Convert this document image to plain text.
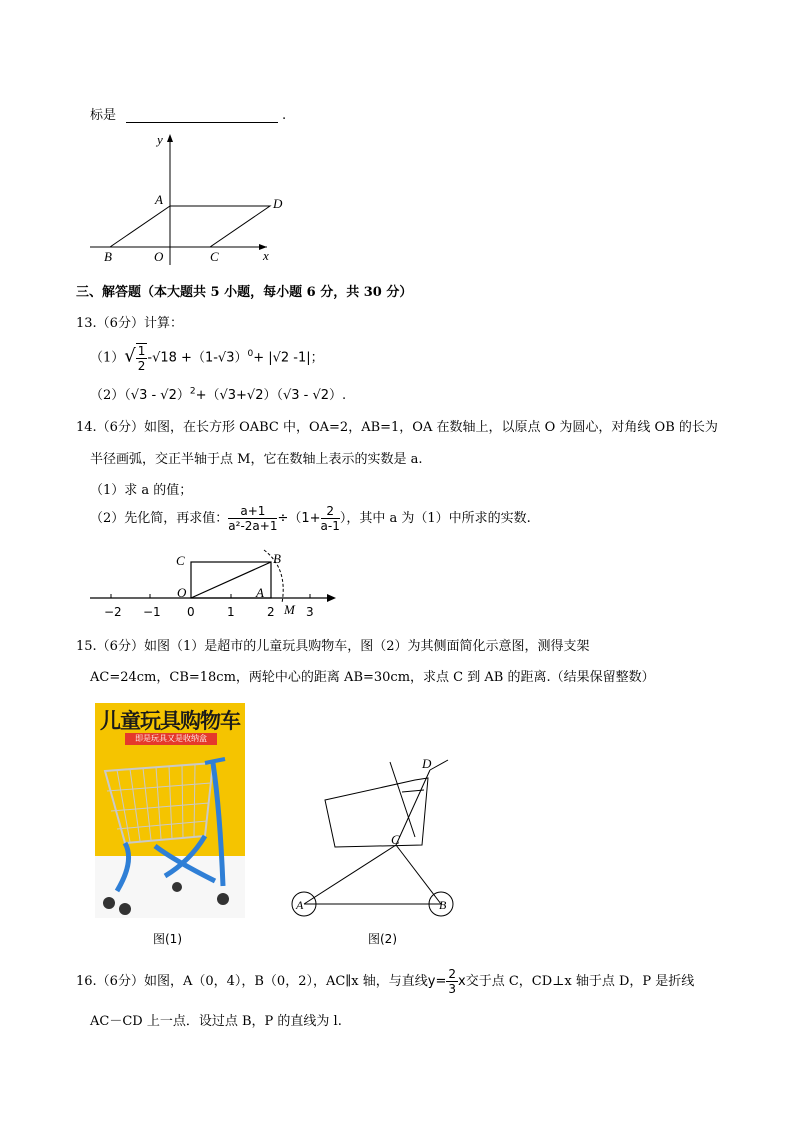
标是	.
y
x
A	D
B	O	C
三、解答题（本大题共 5 小题，每小题 6 分，共 30 分）
13.（6分）计算：
$(1)√ \frac{1}{2} -√18 +(1-√3)^0+ |√2$ -1|；
（2）（√3 - √2）$^2$+（√3+√2）（√3 - √2）.
14.（6分）如图，在长方形 OABC 中，OA=2，AB=1，OA 在数轴上，以原点 O 为圆心，对角线 OB 的长为
半径画弧，交正半轴于点 M，它在数轴上表示的实数是 a.
（1）求 a 的值；
（2）先化简，再求值： $\frac{a+1}{\text{a²-2a+1}} \div(1+ \frac{2}{a-1}$ ），其中 a 为（1）中所求的实数.
C	B
O	A
M
−2 −1 0	1	2	3
15.（6分）如图（1）是超市的儿童玩具购物车，图（2）为其侧面简化示意图，测得支架
AC=24cm，CB=18cm，两轮中心的距离 AB=30cm，求点 C 到 AB 的距离.（结果保留整数）
儿童玩具购物车
即是玩具又是收纳盒
图(1)
D
C
A	B
图(2)
16.（6分）如图，A（0，4），B（0，2），AC∥x 轴，与直线$y= \frac{2}{3}$ x交于点 C，CD⊥x 轴于点 D，P 是折线
AC－CD 上一点．设过点 B，P 的直线为 l.
